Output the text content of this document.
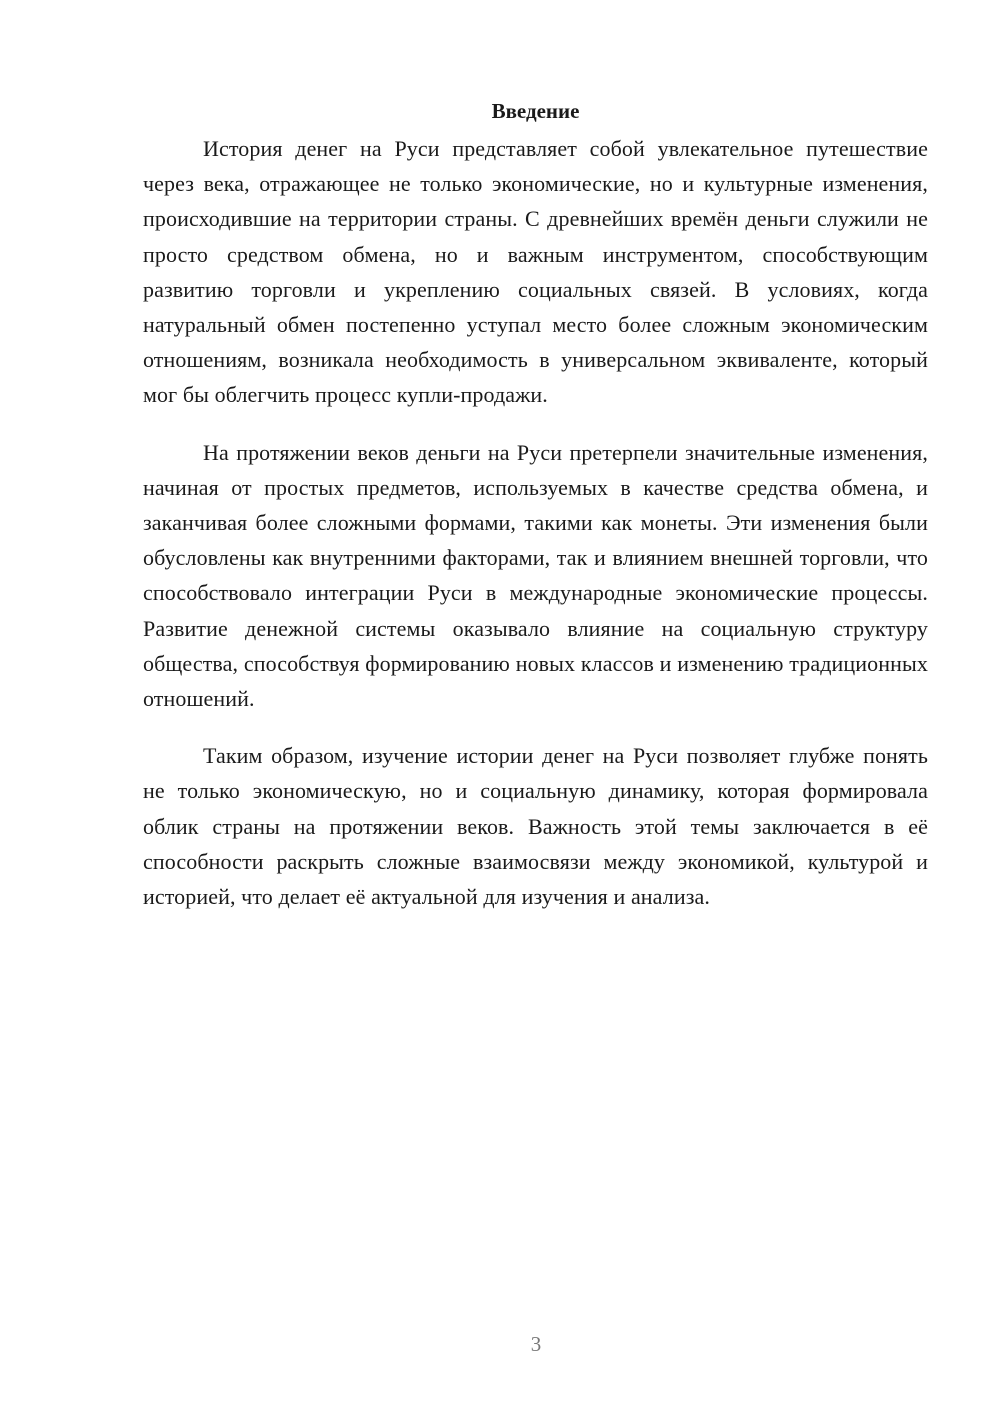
Введение

История денег на Руси представляет собой увлекательное путешествие через века, отражающее не только экономические, но и культурные изменения, происходившие на территории страны. С древнейших времён деньги служили не просто средством обмена, но и важным инструментом, способствующим развитию торговли и укреплению социальных связей. В условиях, когда натуральный обмен постепенно уступал место более сложным экономическим отношениям, возникала необходимость в универсальном эквиваленте, который мог бы облегчить процесс купли-продажи.

На протяжении веков деньги на Руси претерпели значительные изменения, начиная от простых предметов, используемых в качестве средства обмена, и заканчивая более сложными формами, такими как монеты. Эти изменения были обусловлены как внутренними факторами, так и влиянием внешней торговли, что способствовало интеграции Руси в международные экономические процессы. Развитие денежной системы оказывало влияние на социальную структуру общества, способствуя формированию новых классов и изменению традиционных отношений.

Таким образом, изучение истории денег на Руси позволяет глубже понять не только экономическую, но и социальную динамику, которая формировала облик страны на протяжении веков. Важность этой темы заключается в её способности раскрыть сложные взаимосвязи между экономикой, культурой и историей, что делает её актуальной для изучения и анализа.

3
